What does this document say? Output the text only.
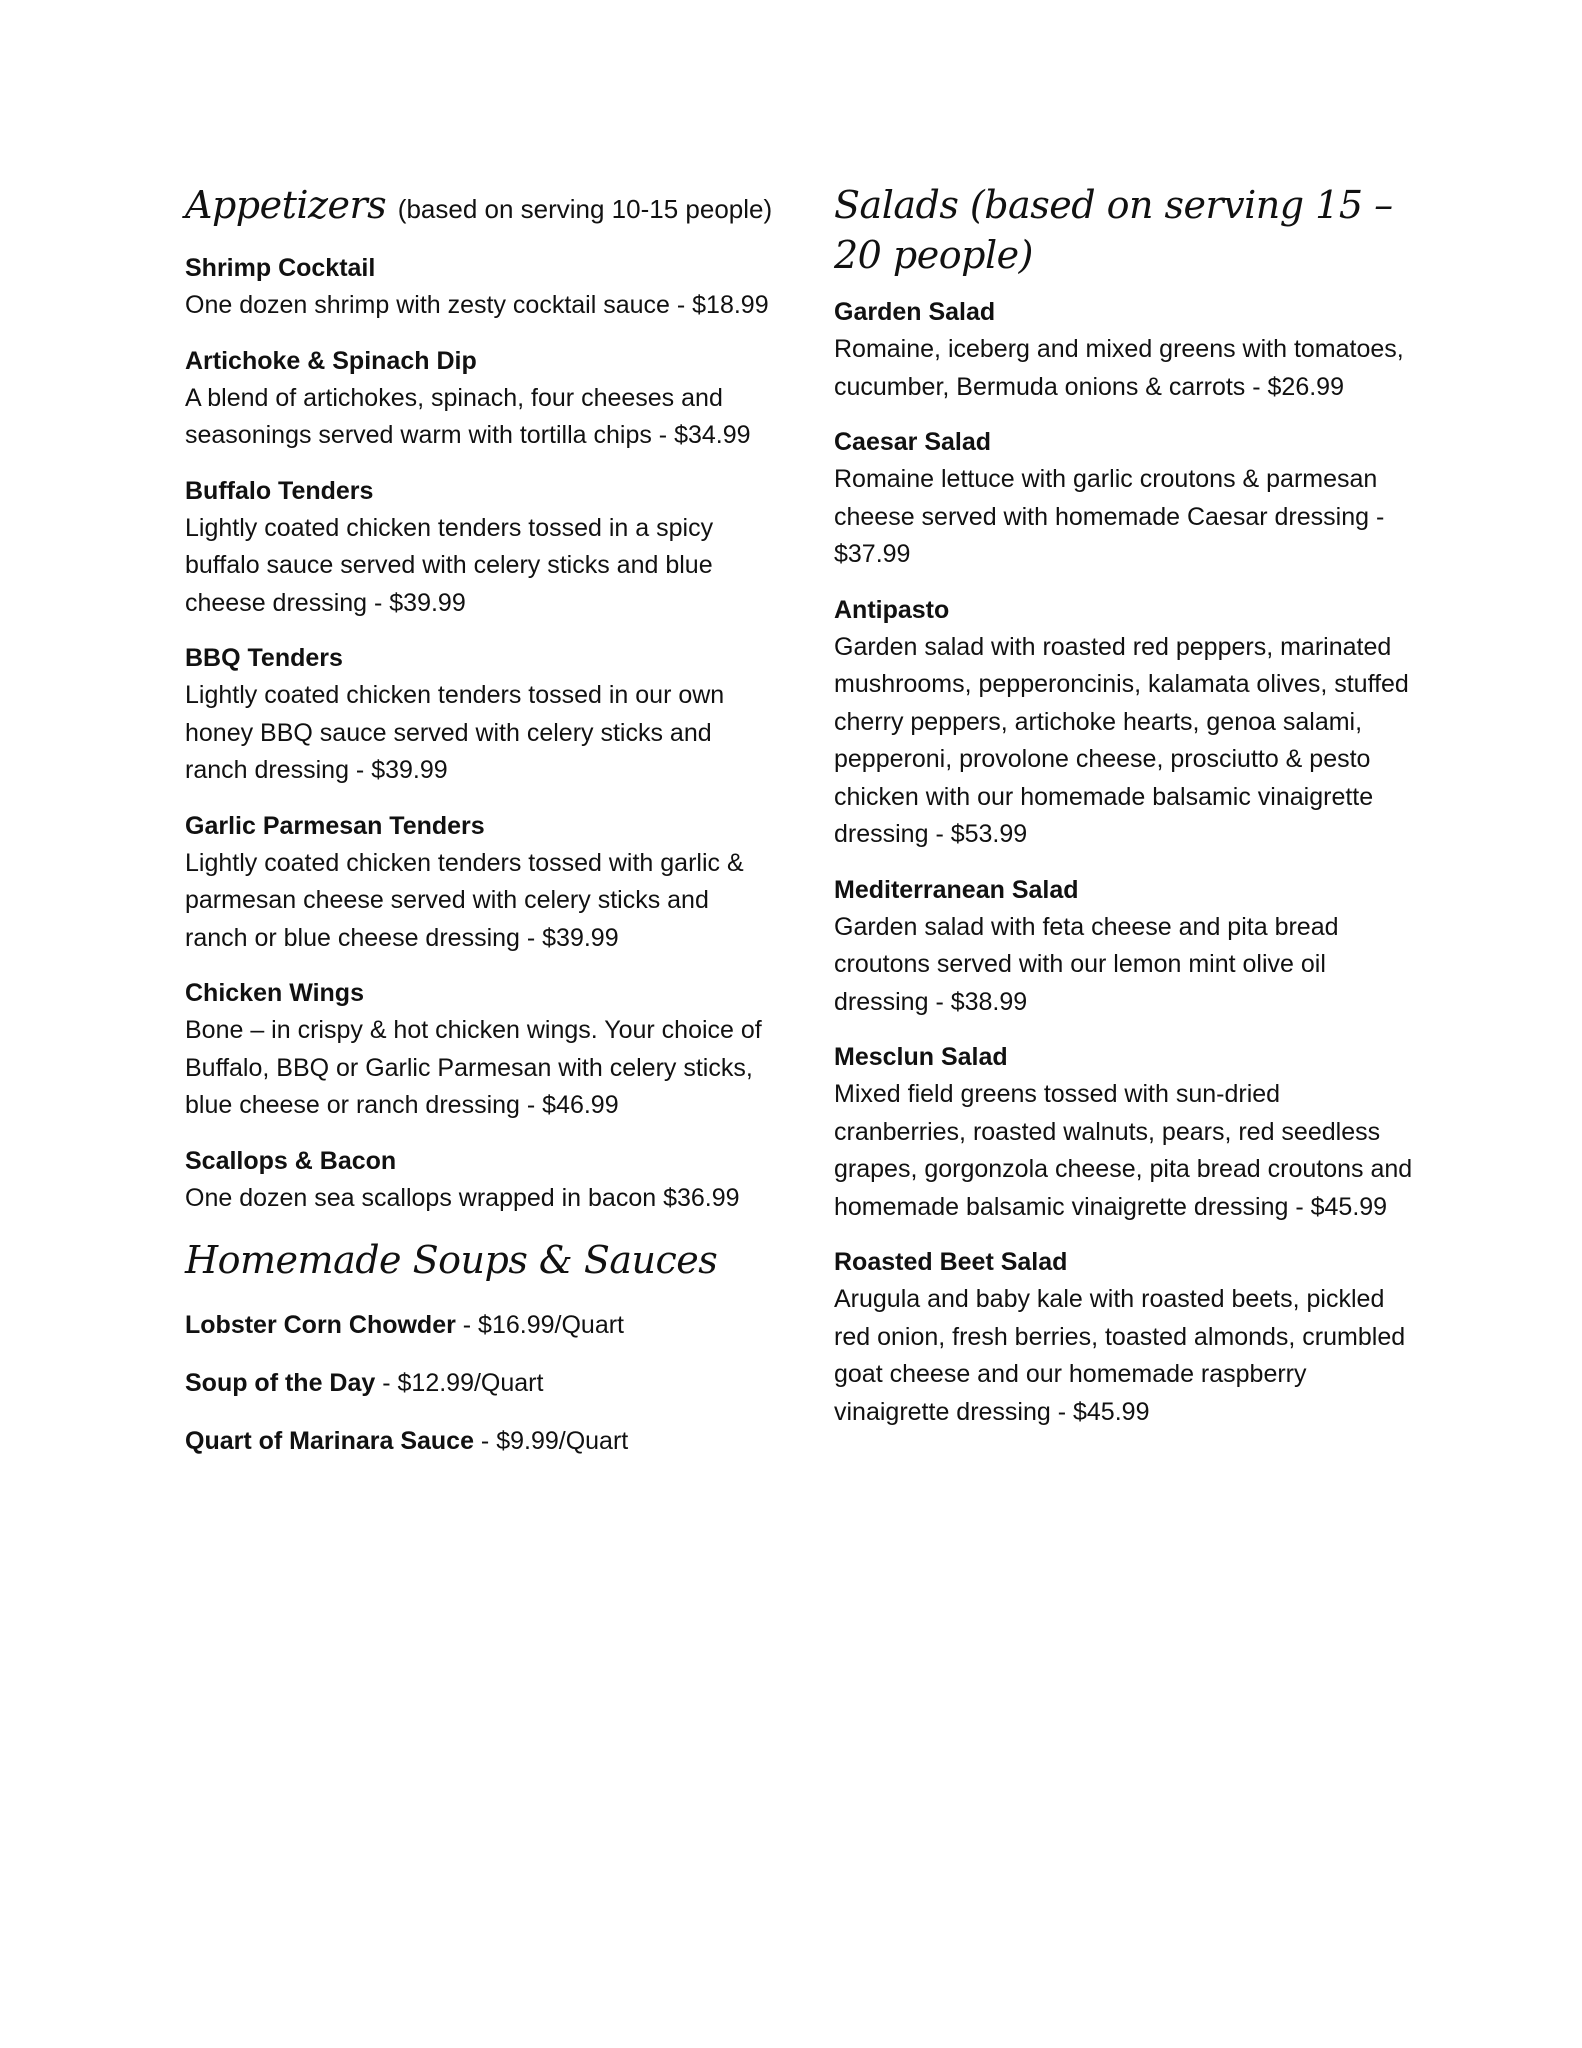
Appetizers (based on serving 10-15 people)
Shrimp Cocktail
One dozen shrimp with zesty cocktail sauce - $18.99
Artichoke & Spinach Dip
A blend of artichokes, spinach, four cheeses and seasonings served warm with tortilla chips - $34.99
Buffalo Tenders
Lightly coated chicken tenders tossed in a spicy buffalo sauce served with celery sticks and blue cheese dressing - $39.99
BBQ Tenders
Lightly coated chicken tenders tossed in our own honey BBQ sauce served with celery sticks and ranch dressing - $39.99
Garlic Parmesan Tenders
Lightly coated chicken tenders tossed with garlic & parmesan cheese served with celery sticks and ranch or blue cheese dressing - $39.99
Chicken Wings
Bone – in crispy & hot chicken wings. Your choice of Buffalo, BBQ or Garlic Parmesan with celery sticks, blue cheese or ranch dressing - $46.99
Scallops & Bacon
One dozen sea scallops wrapped in bacon $36.99
Homemade Soups & Sauces

Lobster Corn Chowder - $16.99/Quart

Soup of the Day - $12.99/Quart

Quart of Marinara Sauce - $9.99/Quart

Salads (based on serving 15 – 20 people)
Garden Salad
Romaine, iceberg and mixed greens with tomatoes, cucumber, Bermuda onions & carrots - $26.99
Caesar Salad
Romaine lettuce with garlic croutons & parmesan cheese served with homemade Caesar dressing - $37.99
Antipasto
Garden salad with roasted red peppers, marinated mushrooms, pepperoncinis, kalamata olives, stuffed cherry peppers, artichoke hearts, genoa salami, pepperoni, provolone cheese, prosciutto & pesto chicken with our homemade balsamic vinaigrette dressing - $53.99
Mediterranean Salad
Garden salad with feta cheese and pita bread croutons served with our lemon mint olive oil dressing - $38.99
Mesclun Salad
Mixed field greens tossed with sun-dried cranberries, roasted walnuts, pears, red seedless grapes, gorgonzola cheese, pita bread croutons and homemade balsamic vinaigrette dressing - $45.99
Roasted Beet Salad
Arugula and baby kale with roasted beets, pickled red onion, fresh berries, toasted almonds, crumbled goat cheese and our homemade raspberry vinaigrette dressing - $45.99
